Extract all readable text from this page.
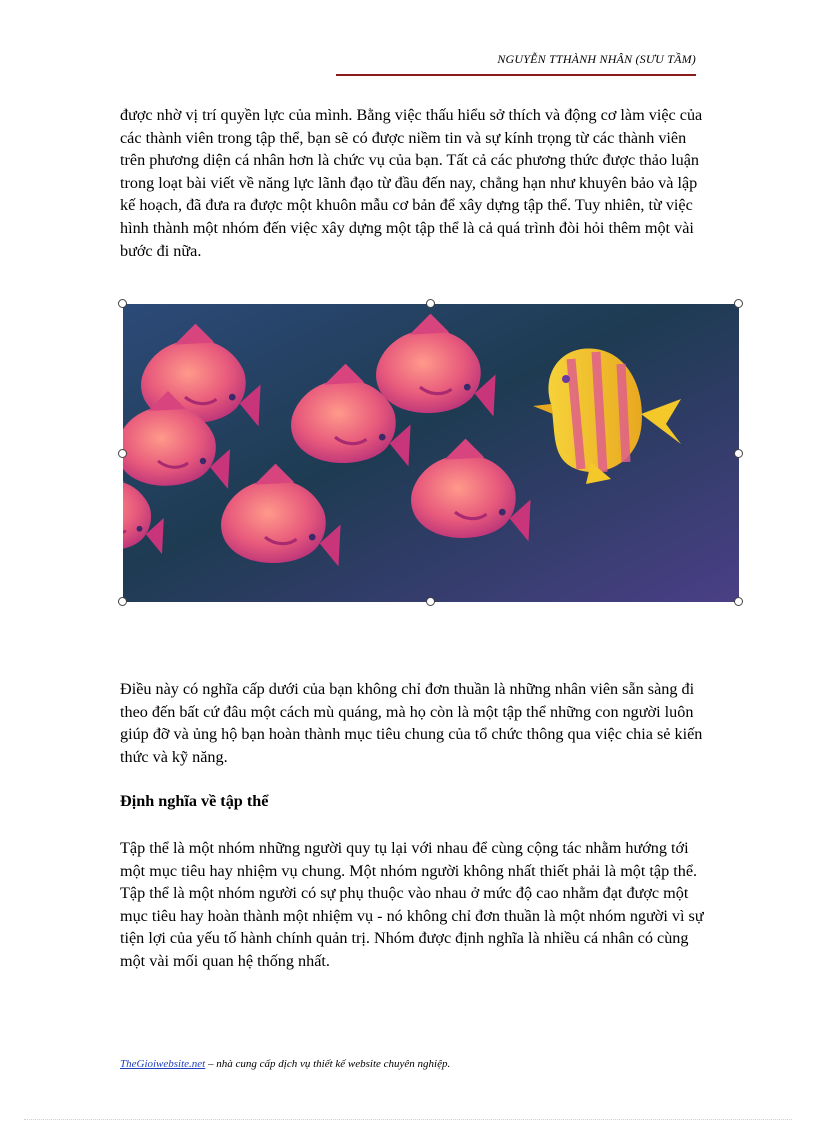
NGUYỄN TTHÀNH NHÂN (SƯU TẦM)

được nhờ vị trí quyền lực của mình. Bằng việc thấu hiểu sở thích và động cơ làm việc của các thành viên trong tập thể, bạn sẽ có được niềm tin và sự kính trọng từ các thành viên trên phương diện cá nhân hơn là chức vụ của bạn. Tất cả các phương thức được thảo luận trong loạt bài viết về năng lực lãnh đạo từ đầu đến nay, chẳng hạn như khuyên bảo và lập kế hoạch, đã đưa ra được một khuôn mẫu cơ bản để xây dựng tập thể. Tuy nhiên, từ việc hình thành một nhóm đến việc xây dựng một tập thể là cả quá trình đòi hỏi thêm một vài bước đi nữa.

Điều này có nghĩa cấp dưới của bạn không chỉ đơn thuần là những nhân viên sẵn sàng đi theo đến bất cứ đâu một cách mù quáng, mà họ còn là một tập thể những con người luôn giúp đỡ và ủng hộ bạn hoàn thành mục tiêu chung của tổ chức thông qua việc chia sẻ kiến thức và kỹ năng.

Định nghĩa về tập thể

Tập thể là một nhóm những người quy tụ lại với nhau để cùng cộng tác nhằm hướng tới một mục tiêu hay nhiệm vụ chung. Một nhóm người không nhất thiết phải là một tập thể. Tập thể là một nhóm người có sự phụ thuộc vào nhau ở mức độ cao nhằm đạt được một mục tiêu hay hoàn thành một nhiệm vụ - nó không chỉ đơn thuần là một nhóm người vì sự tiện lợi của yếu tố hành chính quản trị. Nhóm được định nghĩa là nhiều cá nhân có cùng một vài mối quan hệ thống nhất.

TheGioiwebsite.net – nhà cung cấp dịch vụ thiết kế website chuyên nghiệp.
